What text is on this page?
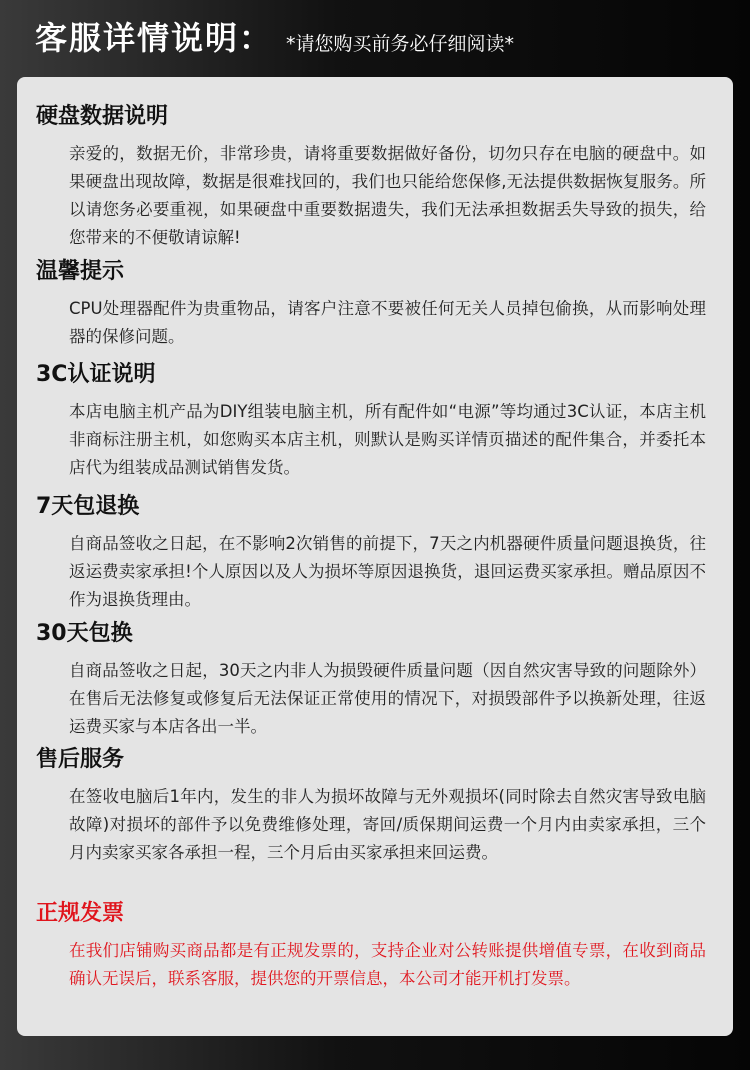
客服详情说明： *请您购买前务必仔细阅读*
硬盘数据说明

亲爱的，数据无价，非常珍贵，请将重要数据做好备份，切勿只存在电脑的硬盘中。如果硬盘出现故障，数据是很难找回的，我们也只能给您保修,无法提供数据恢复服务。所以请您务必要重视，如果硬盘中重要数据遗失，我们无法承担数据丢失导致的损失，给您带来的不便敬请谅解!

温馨提示

CPU处理器配件为贵重物品，请客户注意不要被任何无关人员掉包偷换，从而影响处理器的保修问题。

3C认证说明

本店电脑主机产品为DIY组装电脑主机，所有配件如“电源”等均通过3C认证，本店主机非商标注册主机，如您购买本店主机，则默认是购买详情页描述的配件集合，并委托本店代为组装成品测试销售发货。

7天包退换

自商品签收之日起，在不影响2次销售的前提下，7天之内机器硬件质量问题退换货，往返运费卖家承担!个人原因以及人为损坏等原因退换货，退回运费买家承担。赠品原因不作为退换货理由。

30天包换

自商品签收之日起，30天之内非人为损毁硬件质量问题（因自然灾害导致的问题除外）在售后无法修复或修复后无法保证正常使用的情况下，对损毁部件予以换新处理，往返运费买家与本店各出一半。

售后服务

在签收电脑后1年内，发生的非人为损坏故障与无外观损坏(同时除去自然灾害导致电脑故障)对损坏的部件予以免费维修处理，寄回/质保期间运费一个月内由卖家承担，三个月内卖家买家各承担一程，三个月后由买家承担来回运费。

正规发票

在我们店铺购买商品都是有正规发票的，支持企业对公转账提供增值专票，在收到商品确认无误后，联系客服，提供您的开票信息，本公司才能开机打发票。
